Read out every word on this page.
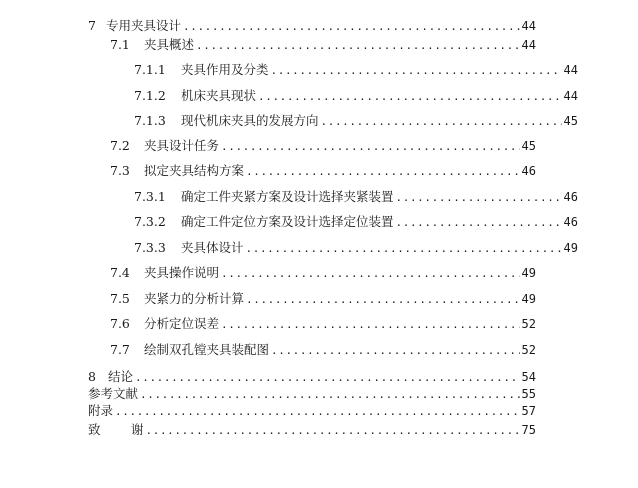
7 专用夹具设计 .....	44
7.1	夹具概述 .....	44
7.1.1	夹具作用及分类 .....	44
7.1.2	机床夹具现状 .....	44
7.1.3	现代机床夹具的发展方向 .....	45
7.2	夹具设计任务 .....	45
7.3	拟定夹具结构方案 .....	46
7.3.1	确定工件夹紧方案及设计选择夹紧装置 .....	46
7.3.2	确定工件定位方案及设计选择定位装置 .....	46
7.3.3	夹具体设计 .....	49
7.4	夹具操作说明 .....	49
7.5	夹紧力的分析计算 .....	49
7.6	分析定位误差 .....	52
7.7	绘制双孔镗夹具装配图 .....	52
8 结论 .....	54
参考文献 .....	55
附录 .....	57
致	谢 .....	75
